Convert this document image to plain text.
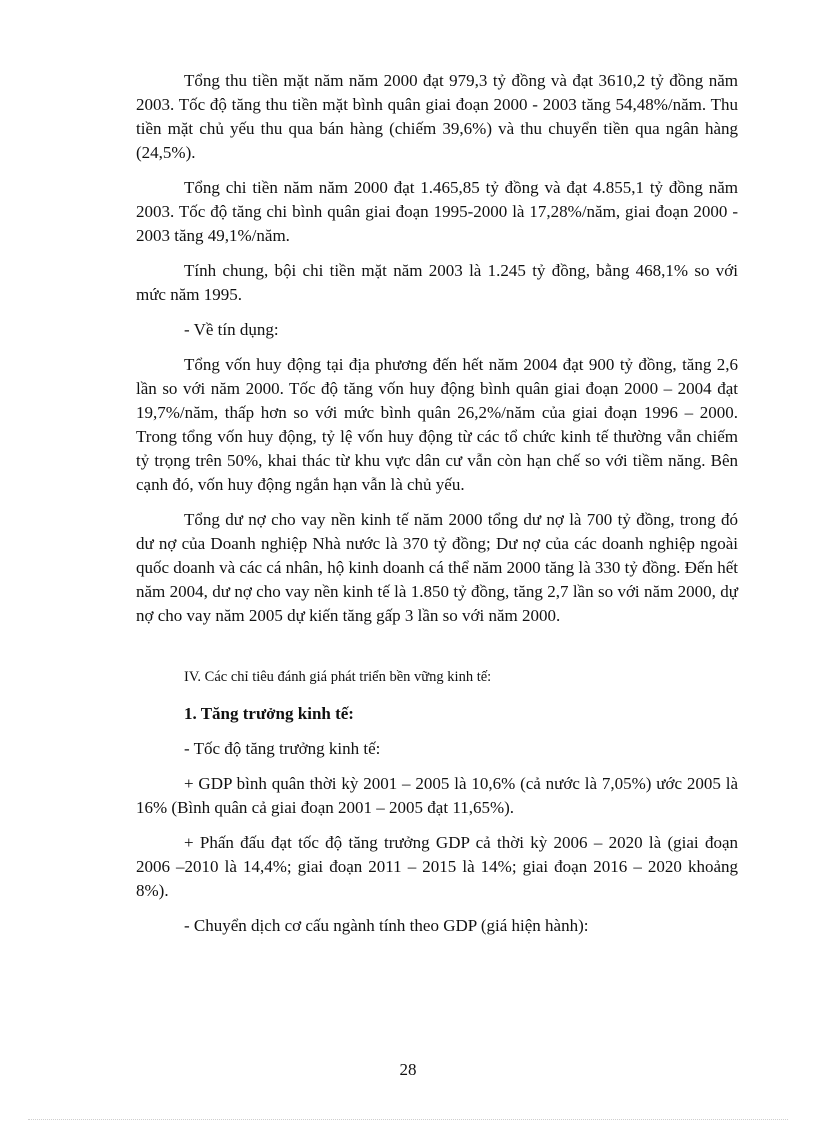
Tổng thu tiền mặt năm năm 2000 đạt 979,3 tỷ đồng và đạt 3610,2 tỷ đồng năm 2003. Tốc độ tăng thu tiền mặt bình quân giai đoạn 2000 - 2003 tăng 54,48%/năm. Thu tiền mặt chủ yếu thu qua bán hàng (chiếm 39,6%) và thu chuyển tiền qua ngân hàng (24,5%).

Tổng chi tiền năm năm 2000 đạt 1.465,85 tỷ đồng và đạt 4.855,1 tỷ đồng năm 2003. Tốc độ tăng chi bình quân giai đoạn 1995-2000 là 17,28%/năm, giai đoạn 2000 - 2003 tăng 49,1%/năm.

Tính chung, bội chi tiền mặt năm 2003 là 1.245 tỷ đồng, bằng 468,1% so với mức năm 1995.

- Về tín dụng:

Tổng vốn huy động tại địa phương đến hết năm 2004 đạt 900 tỷ đồng, tăng 2,6 lần so với năm 2000. Tốc độ tăng vốn huy động bình quân giai đoạn 2000 – 2004 đạt 19,7%/năm, thấp hơn so với mức bình quân 26,2%/năm của giai đoạn 1996 – 2000. Trong tổng vốn huy động, tỷ lệ vốn huy động từ các tổ chức kinh tế thường vẫn chiếm tỷ trọng trên 50%, khai thác từ khu vực dân cư vẫn còn hạn chế so với tiềm năng. Bên cạnh đó, vốn huy động ngắn hạn vẫn là chủ yếu.

Tổng dư nợ cho vay nền kinh tế năm 2000 tổng dư nợ là 700 tỷ đồng, trong đó dư nợ của Doanh nghiệp Nhà nước là 370 tỷ đồng; Dư nợ của các doanh nghiệp ngoài quốc doanh và các cá nhân, hộ kinh doanh cá thể năm 2000 tăng là 330 tỷ đồng. Đến hết năm 2004, dư nợ cho vay nền kinh tế là 1.850 tỷ đồng, tăng 2,7 lần so với năm 2000, dự nợ cho vay năm 2005 dự kiến tăng gấp 3 lần so với năm 2000.

IV. Các chỉ tiêu đánh giá phát triển bền vững kinh tế:

1. Tăng trưởng kinh tế:

- Tốc độ tăng trưởng kinh tế:

+ GDP bình quân thời kỳ 2001 – 2005 là 10,6% (cả nước là 7,05%) ước 2005 là 16% (Bình quân cả giai đoạn 2001 – 2005 đạt 11,65%).

+ Phấn đấu đạt tốc độ tăng trưởng GDP cả thời kỳ 2006 – 2020 là (giai đoạn 2006 –2010 là 14,4%; giai đoạn 2011 – 2015 là 14%; giai đoạn 2016 – 2020 khoảng 8%).

- Chuyển dịch cơ cấu ngành tính theo GDP (giá hiện hành):

28
